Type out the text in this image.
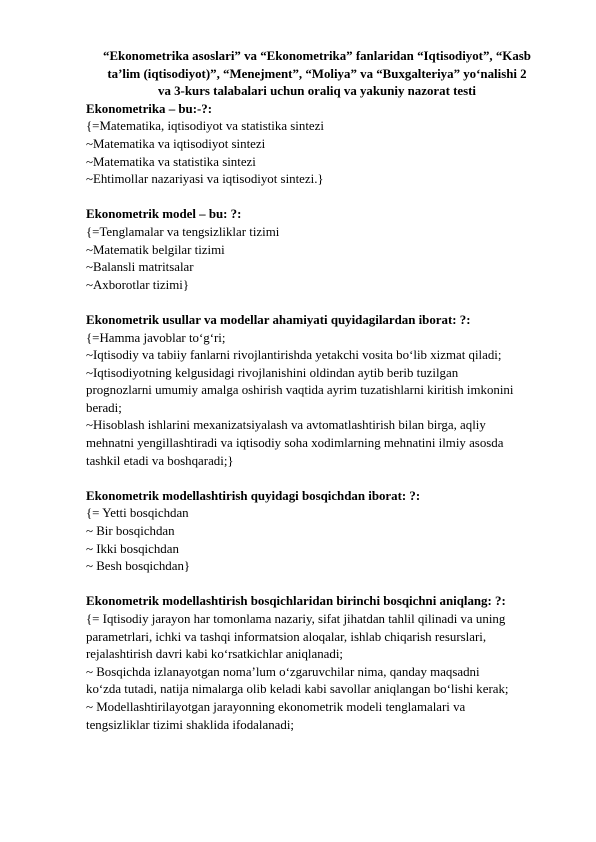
“Ekonometrika asoslari” va “Ekonometrika” fanlaridan “Iqtisodiyot”, “Kasb
ta’lim (iqtisodiyot)”, “Menejment”, “Moliya” va “Buxgalteriya” yo‘nalishi 2
va 3-kurs talabalari uchun oraliq va yakuniy nazorat testi
Ekonometrika – bu:-?:
{=Matematika, iqtisodiyot va statistika sintezi
~Matematika va iqtisodiyot sintezi
~Matematika va statistika sintezi
~Ehtimollar nazariyasi va iqtisodiyot sintezi.}
Ekonometrik model – bu: ?:
{=Tenglamalar va tengsizliklar tizimi
~Matematik belgilar tizimi
~Balansli matritsalar
~Axborotlar tizimi}
Ekonometrik usullar va modellar ahamiyati quyidagilardan iborat: ?:
{=Hamma javoblar to‘g‘ri;
~Iqtisodiy va tabiiy fanlarni rivojlantirishda yetakchi vosita bo‘lib xizmat qiladi;
~Iqtisodiyotning kelgusidagi rivojlanishini oldindan aytib berib tuzilgan
prognozlarni umumiy amalga oshirish vaqtida ayrim tuzatishlarni kiritish imkonini
beradi;
~Hisoblash ishlarini mexanizatsiyalash va avtomatlashtirish bilan birga, aqliy
mehnatni yengillashtiradi va iqtisodiy soha xodimlarning mehnatini ilmiy asosda
tashkil etadi va boshqaradi;}
Ekonometrik modellashtirish quyidagi bosqichdan iborat: ?:
{= Yetti bosqichdan
~ Bir bosqichdan
~ Ikki bosqichdan
~ Besh bosqichdan}
Ekonometrik modellashtirish bosqichlaridan birinchi bosqichni aniqlang: ?:
{= Iqtisodiy jarayon har tomonlama nazariy, sifat jihatdan tahlil qilinadi va uning
parametrlari, ichki va tashqi informatsion aloqalar, ishlab chiqarish resurslari,
rejalashtirish davri kabi ko‘rsatkichlar aniqlanadi;
~ Bosqichda izlanayotgan noma’lum o‘zgaruvchilar nima, qanday maqsadni
ko‘zda tutadi, natija nimalarga olib keladi kabi savollar aniqlangan bo‘lishi kerak;
~ Modellashtirilayotgan jarayonning ekonometrik modeli tenglamalari va
tengsizliklar tizimi shaklida ifodalanadi;
